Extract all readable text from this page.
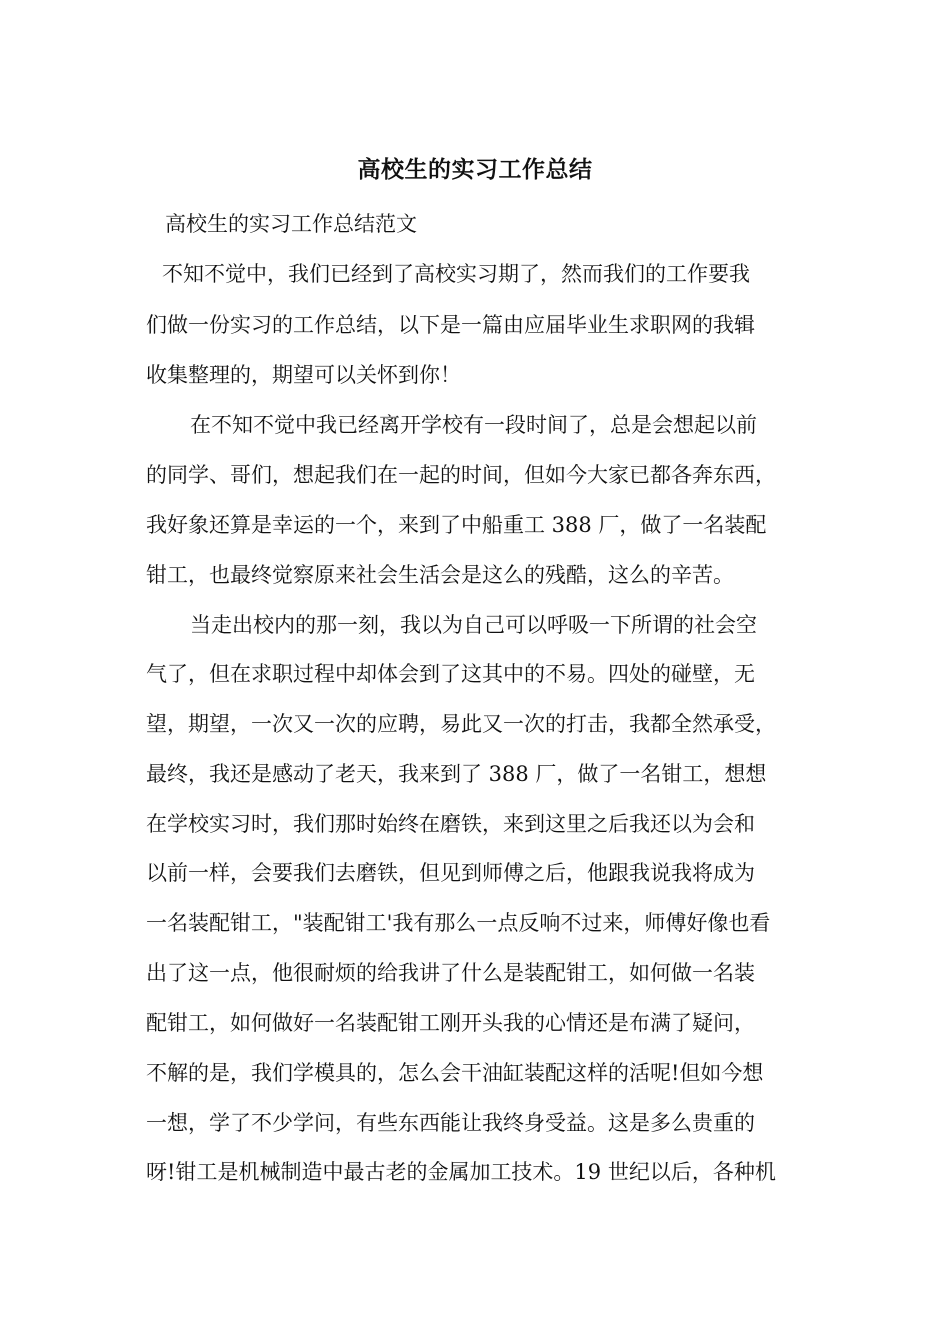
高校生的实习工作总结
高校生的实习工作总结范文
不知不觉中，我们已经到了高校实习期了，然而我们的工作要我
们做一份实习的工作总结，以下是一篇由应届毕业生求职网的我辑
收集整理的，期望可以关怀到你！
在不知不觉中我已经离开学校有一段时间了，总是会想起以前
的同学、哥们，想起我们在一起的时间，但如今大家已都各奔东西，
我好象还算是幸运的一个，来到了中船重工 388 厂，做了一名装配
钳工，也最终觉察原来社会生活会是这么的残酷，这么的辛苦。
当走出校内的那一刻，我以为自己可以呼吸一下所谓的社会空
气了，但在求职过程中却体会到了这其中的不易。四处的碰壁，无
望，期望，一次又一次的应聘，易此又一次的打击，我都全然承受，
最终，我还是感动了老天，我来到了 388 厂，做了一名钳工，想想
在学校实习时，我们那时始终在磨铁，来到这里之后我还以为会和
以前一样，会要我们去磨铁，但见到师傅之后，他跟我说我将成为
一名装配钳工，"装配钳工'我有那么一点反响不过来，师傅好像也看
出了这一点，他很耐烦的给我讲了什么是装配钳工，如何做一名装
配钳工，如何做好一名装配钳工刚开头我的心情还是布满了疑问，
不解的是，我们学模具的，怎么会干油缸装配这样的活呢!但如今想
一想，学了不少学问，有些东西能让我终身受益。这是多么贵重的
呀!钳工是机械制造中最古老的金属加工技术。19 世纪以后，各种机
